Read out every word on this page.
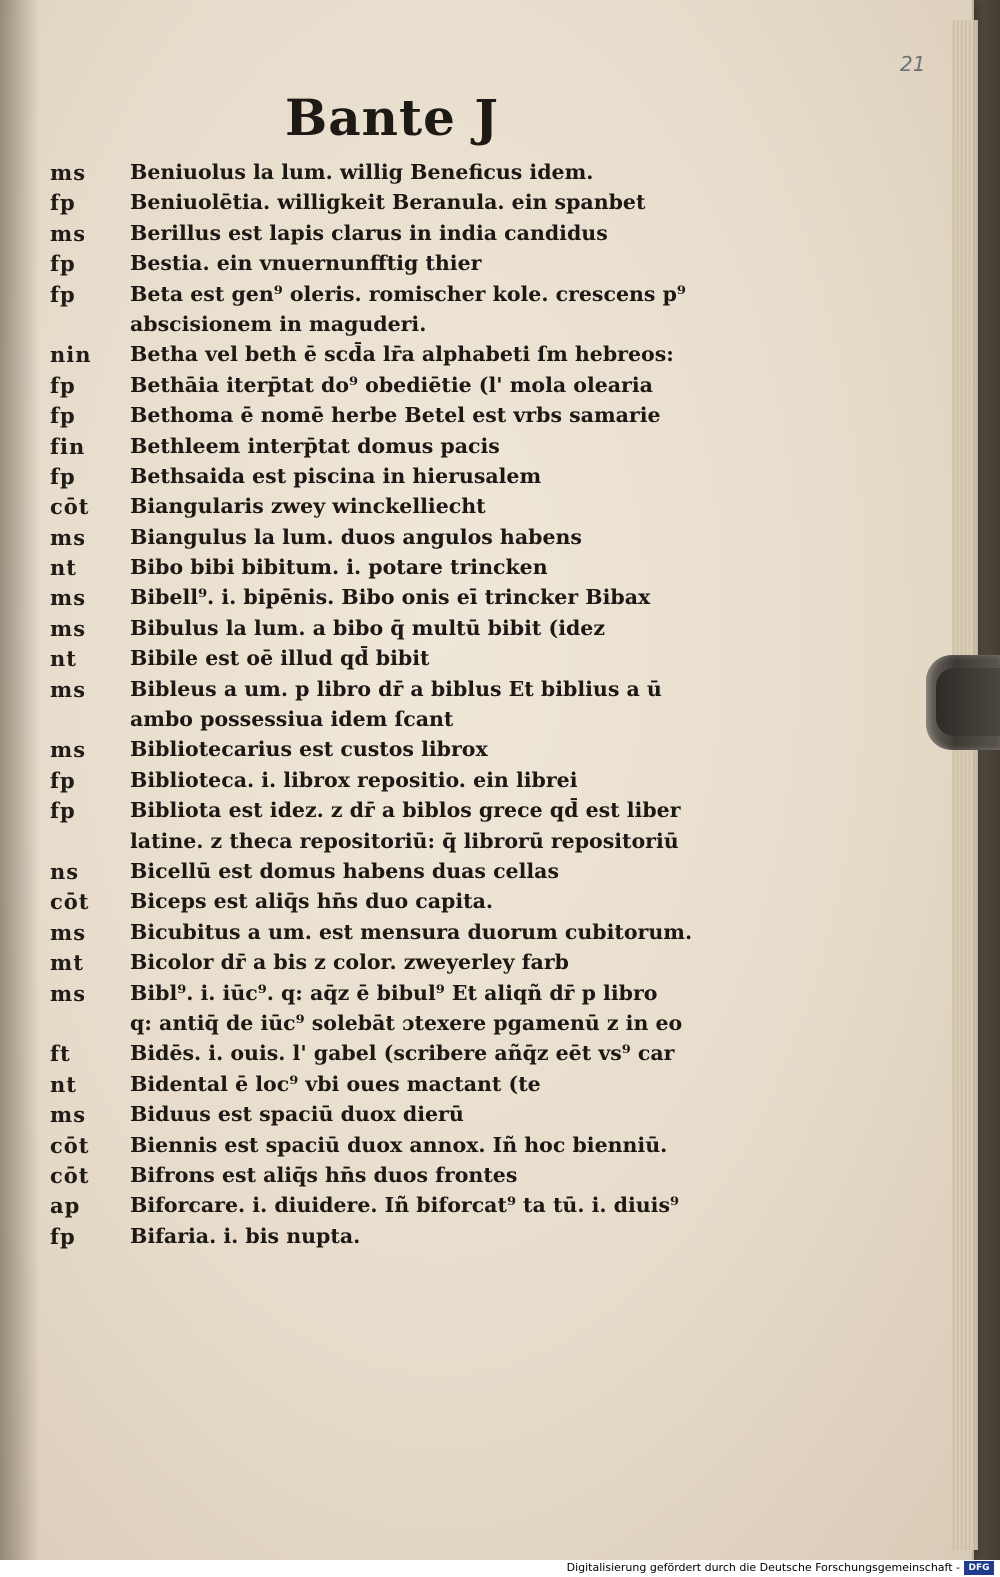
21
Bante J
ms	Beniuolus la lum. willig Beneficus idem.
fp	Beniuolētia. willigkeit Beranula. ein spanbet
ms	Berillus est lapis clarus in india candidus
fp	Bestia. ein vnuernunfftig thier
fp	Beta est gen⁹ oleris. romischer kole. crescens p⁹
abscisionem in maguderi.
nin	Betha vel beth ē scd̄a lr̄a alphabeti ſm hebreos:
fp	Bethāia iterp̄tat do⁹ obediētie (l' mola olearia
fp	Bethoma ē nomē herbe Betel est vrbs samarie
fin	Bethleem interp̄tat domus pacis
fp	Bethsaida est piscina in hierusalem
cōt	Biangularis zwey winckelliecht
ms	Biangulus la lum. duos angulos habens
nt	Bibo bibi bibitum. i. potare trincken
ms	Bibell⁹. i. bipēnis. Bibo onis eī trincker Bibax
ms	Bibulus la lum. a bibo q̄ multū bibit (idez
nt	Bibile est oē illud qd̄ bibit
ms	Bibleus a um. p libro dr̄ a biblus Et biblius a ū
ambo possessiua idem ſcant
ms	Bibliotecarius est custos librox
fp	Biblioteca. i. librox repositio. ein librei
fp	Bibliota est idez. z dr̄ a biblos grece qd̄ est liber
latine. z theca repositoriū: q̄ librorū repositoriū
ns	Bicellū est domus habens duas cellas
cōt	Biceps est aliq̄s hn̄s duo capita.
ms	Bicubitus a um. est mensura duorum cubitorum.
mt	Bicolor dr̄ a bis z color. zweyerley farb
ms	Bibl⁹. i. iūc⁹. q: aq̄z ē bibul⁹ Et aliqñ dr̄ p libro
q: antiq̄ de iūc⁹ solebāt ɔtexere pgamenū z in eo
ft	Bidēs. i. ouis. l' gabel (scribere añq̄z eēt vs⁹ car
nt	Bidental ē loc⁹ vbi oues mactant (te
ms	Biduus est spaciū duox dierū
cōt	Biennis est spaciū duox annox. Iñ hoc bienniū.
cōt	Bifrons est aliq̄s hn̄s duos frontes
ap	Biforcare. i. diuidere. Iñ biforcat⁹ ta tū. i. diuis⁹
fp	Bifaria. i. bis nupta.
Digitalisierung gefördert durch die Deutsche Forschungsgemeinschaft - DFG
